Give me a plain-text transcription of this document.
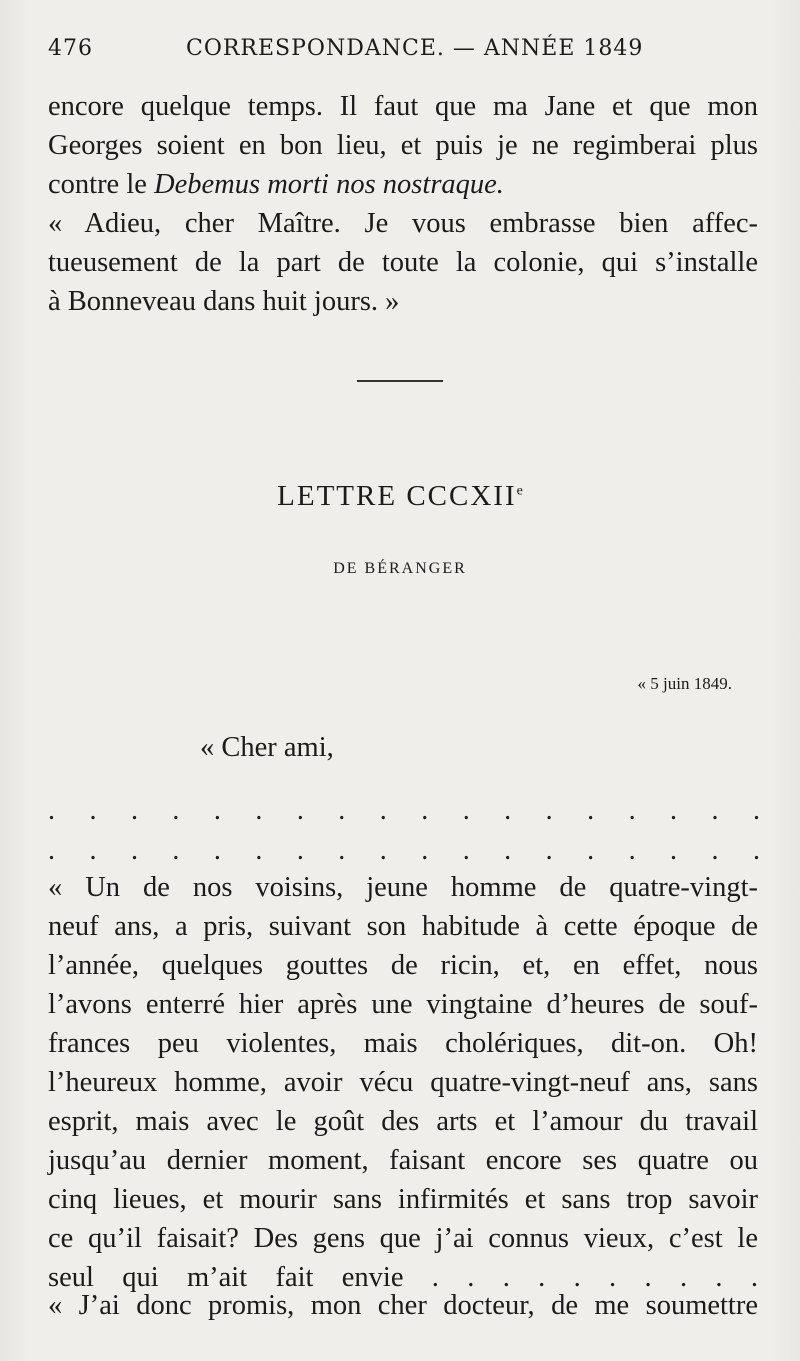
476	CORRESPONDANCE. — ANNÉE 1849
encore quelque temps. Il faut que ma Jane et que mon
Georges soient en bon lieu, et puis je ne regimberai plus
contre le Debemus morti nos nostraque.
« Adieu, cher Maître. Je vous embrasse bien affec-
tueusement de la part de toute la colonie, qui s’installe
à Bonneveau dans huit jours. »
LETTRE CCCXIIe
DE BÉRANGER
« 5 juin 1849.
« Cher ami,
. . . . . . . . . . . . . . . . . .
. . . . . . . . . . . . . . . . . .
« Un de nos voisins, jeune homme de quatre-vingt-
neuf ans, a pris, suivant son habitude à cette époque de
l’année, quelques gouttes de ricin, et, en effet, nous
l’avons enterré hier après une vingtaine d’heures de souf-
frances peu violentes, mais cholériques, dit-on. Oh!
l’heureux homme, avoir vécu quatre-vingt-neuf ans, sans
esprit, mais avec le goût des arts et l’amour du travail
jusqu’au dernier moment, faisant encore ses quatre ou
cinq lieues, et mourir sans infirmités et sans trop savoir
ce qu’il faisait? Des gens que j’ai connus vieux, c’est le
seul qui m’ait fait envie . . . . . . . . . .
« J’ai donc promis, mon cher docteur, de me soumettre
